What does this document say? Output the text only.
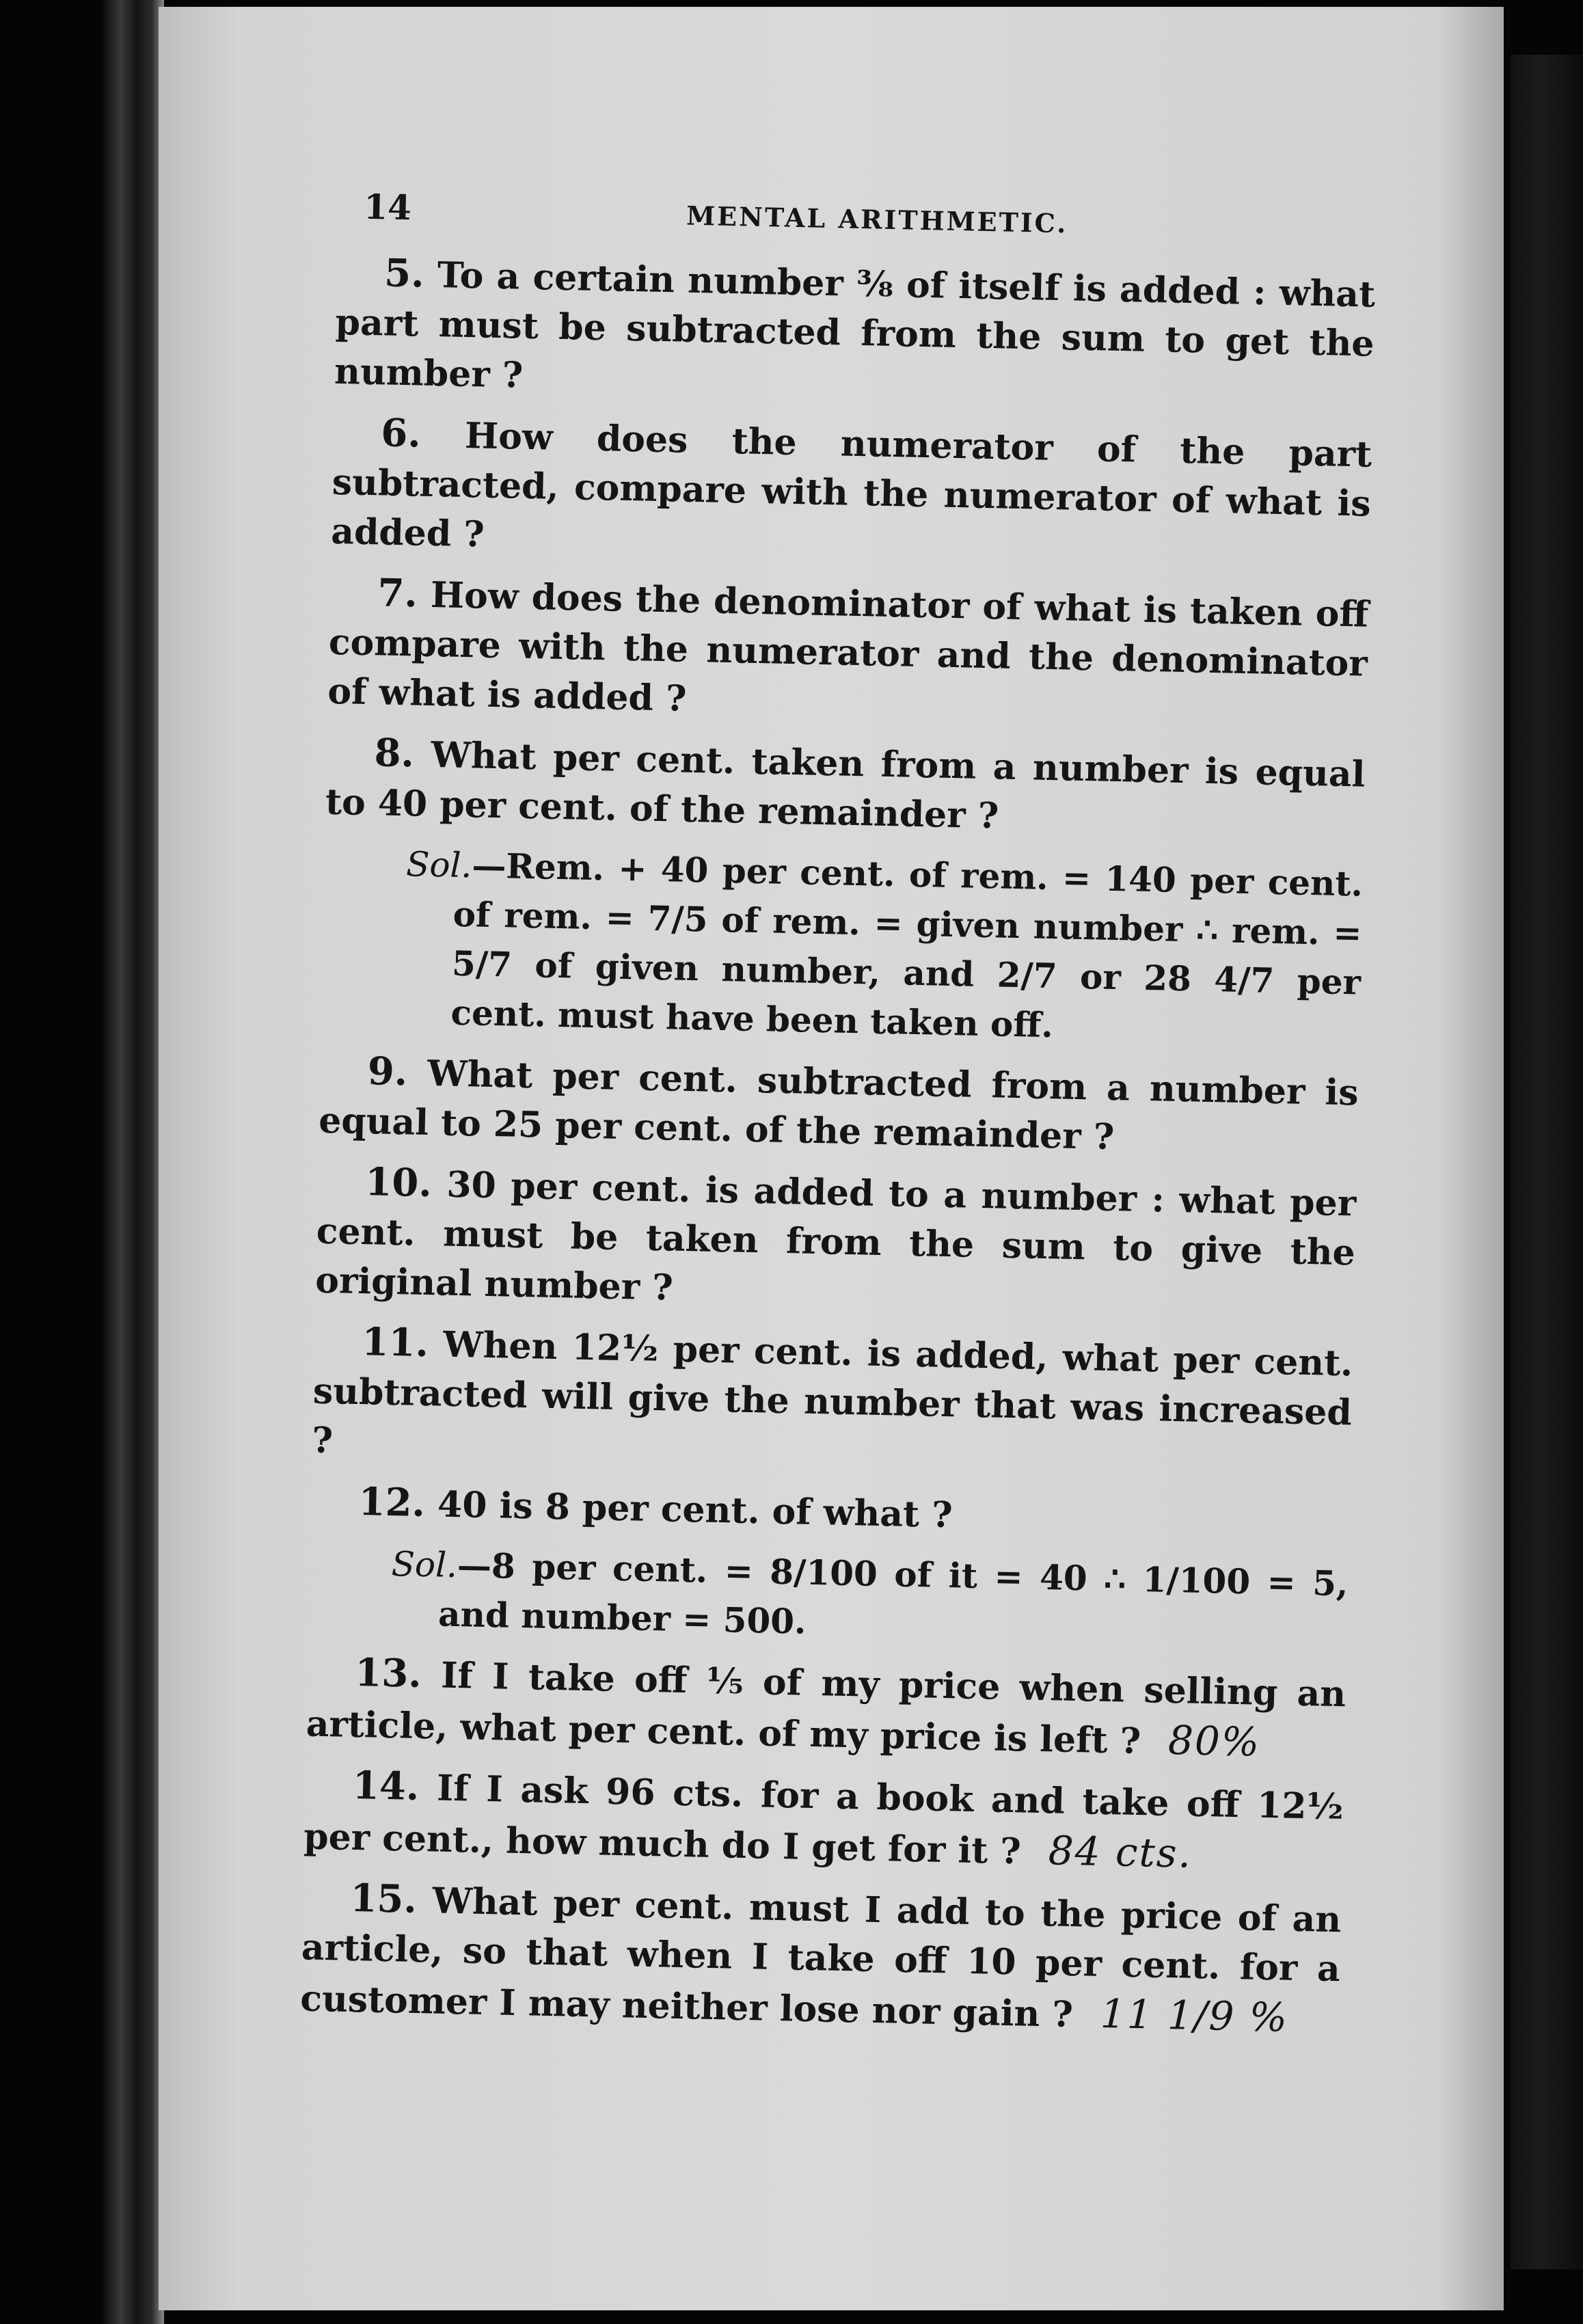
14	MENTAL ARITHMETIC.

5. To a certain number ⅜ of itself is added : what part must be subtracted from the sum to get the number ?

6. How does the numerator of the part subtracted, compare with the numerator of what is added ?

7. How does the denominator of what is taken off compare with the numerator and the denominator of what is added ?

8. What per cent. taken from a number is equal to 40 per cent. of the remainder ?

Sol.—Rem. + 40 per cent. of rem. = 140 per cent. of rem. = 7/5 of rem. = given number ∴ rem. = 5/7 of given number, and 2/7 or 28 4/7 per cent. must have been taken off.

9. What per cent. subtracted from a number is equal to 25 per cent. of the remainder ?

10. 30 per cent. is added to a number : what per cent. must be taken from the sum to give the original number ?

11. When 12½ per cent. is added, what per cent. subtracted will give the number that was increased ?

12. 40 is 8 per cent. of what ?

Sol.—8 per cent. = 8/100 of it = 40 ∴ 1/100 = 5, and number = 500.

13. If I take off ⅕ of my price when selling an article, what per cent. of my price is left ? 80%

14. If I ask 96 cts. for a book and take off 12½ per cent., how much do I get for it ? 84 cts.

15. What per cent. must I add to the price of an article, so that when I take off 10 per cent. for a customer I may neither lose nor gain ? 11 1/9 %
